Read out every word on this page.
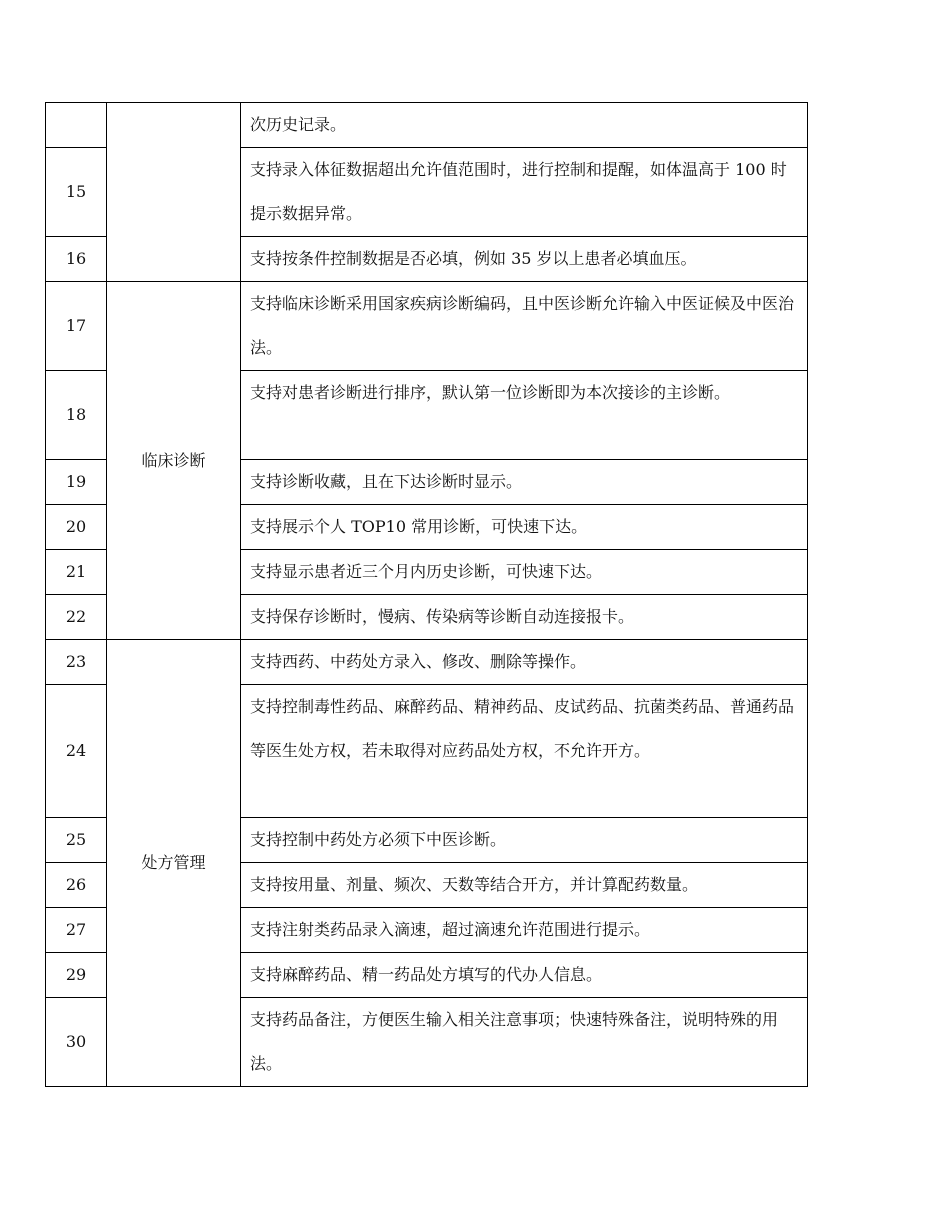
		次历史记录。
15		支持录入体征数据超出允许值范围时，进行控制和提醒，如体温高于 100 时提示数据异常。
16		支持按条件控制数据是否必填，例如 35 岁以上患者必填血压。
17	临床诊断	支持临床诊断采用国家疾病诊断编码，且中医诊断允许输入中医证候及中医治法。
18		支持对患者诊断进行排序，默认第一位诊断即为本次接诊的主诊断。
19		支持诊断收藏，且在下达诊断时显示。
20		支持展示个人 TOP10 常用诊断，可快速下达。
21		支持显示患者近三个月内历史诊断，可快速下达。
22		支持保存诊断时，慢病、传染病等诊断自动连接报卡。
23	处方管理	支持西药、中药处方录入、修改、删除等操作。
24		支持控制毒性药品、麻醉药品、精神药品、皮试药品、抗菌类药品、普通药品等医生处方权，若未取得对应药品处方权，不允许开方。
25		支持控制中药处方必须下中医诊断。
26		支持按用量、剂量、频次、天数等结合开方，并计算配药数量。
27		支持注射类药品录入滴速，超过滴速允许范围进行提示。
29		支持麻醉药品、精一药品处方填写的代办人信息。
30		支持药品备注，方便医生输入相关注意事项；快速特殊备注，说明特殊的用法。
